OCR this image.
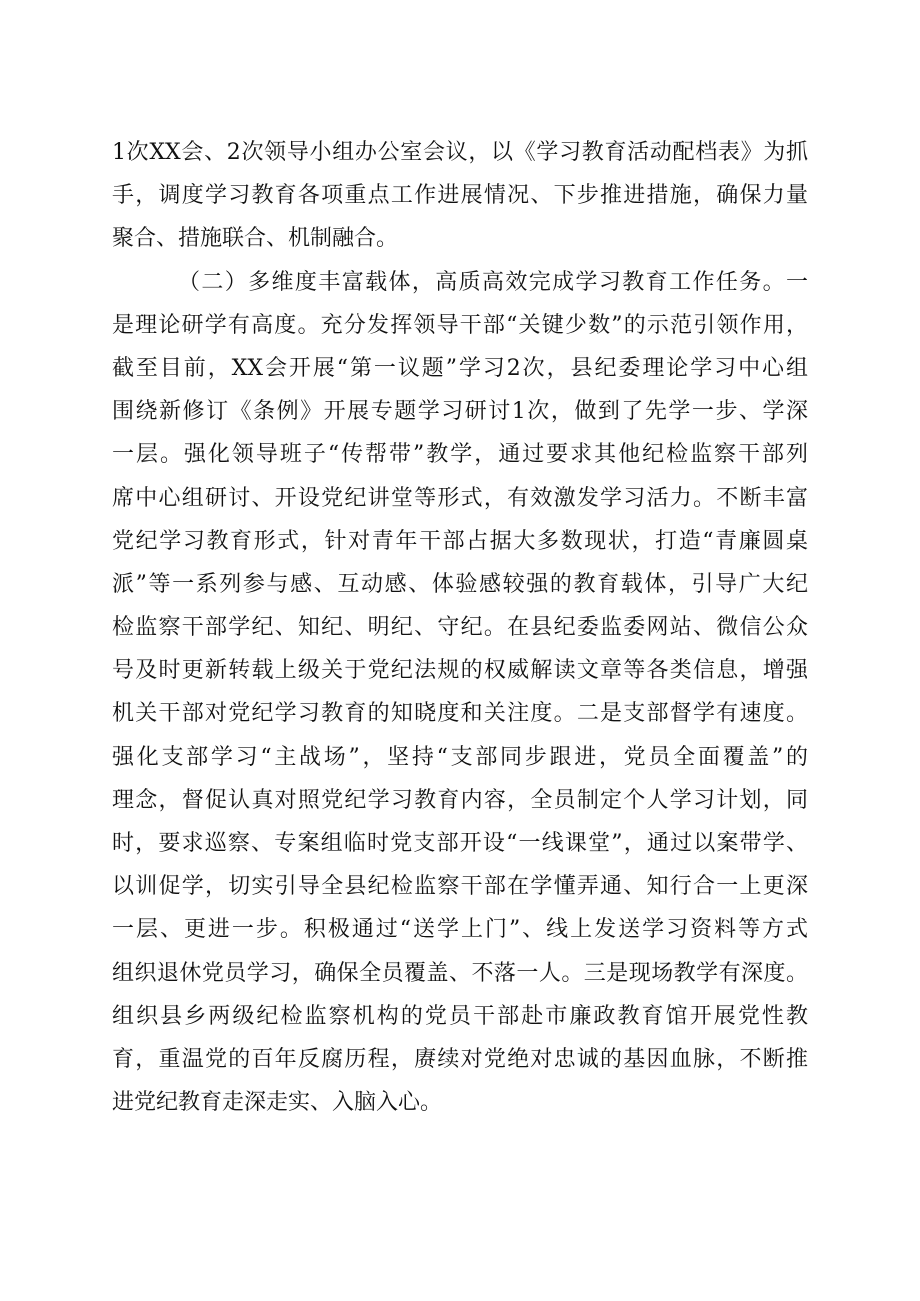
1次XX会、2次领导小组办公室会议，以《学习教育活动配档表》为抓
手，调度学习教育各项重点工作进展情况、下步推进措施，确保力量
聚合、措施联合、机制融合。
（二）多维度丰富载体，高质高效完成学习教育工作任务。一
是理论研学有高度。充分发挥领导干部“关键少数”的示范引领作用，
截至目前，XX会开展“第一议题”学习2次，县纪委理论学习中心组
围绕新修订《条例》开展专题学习研讨1次，做到了先学一步、学深
一层。强化领导班子“传帮带”教学，通过要求其他纪检监察干部列
席中心组研讨、开设党纪讲堂等形式，有效激发学习活力。不断丰富
党纪学习教育形式，针对青年干部占据大多数现状，打造“青廉圆桌
派”等一系列参与感、互动感、体验感较强的教育载体，引导广大纪
检监察干部学纪、知纪、明纪、守纪。在县纪委监委网站、微信公众
号及时更新转载上级关于党纪法规的权威解读文章等各类信息，增强
机关干部对党纪学习教育的知晓度和关注度。二是支部督学有速度。
强化支部学习“主战场”，坚持“支部同步跟进，党员全面覆盖”的
理念，督促认真对照党纪学习教育内容，全员制定个人学习计划，同
时，要求巡察、专案组临时党支部开设“一线课堂”，通过以案带学、
以训促学，切实引导全县纪检监察干部在学懂弄通、知行合一上更深
一层、更进一步。积极通过“送学上门”、线上发送学习资料等方式
组织退休党员学习，确保全员覆盖、不落一人。三是现场教学有深度。
组织县乡两级纪检监察机构的党员干部赴市廉政教育馆开展党性教
育，重温党的百年反腐历程，赓续对党绝对忠诚的基因血脉，不断推
进党纪教育走深走实、入脑入心。
